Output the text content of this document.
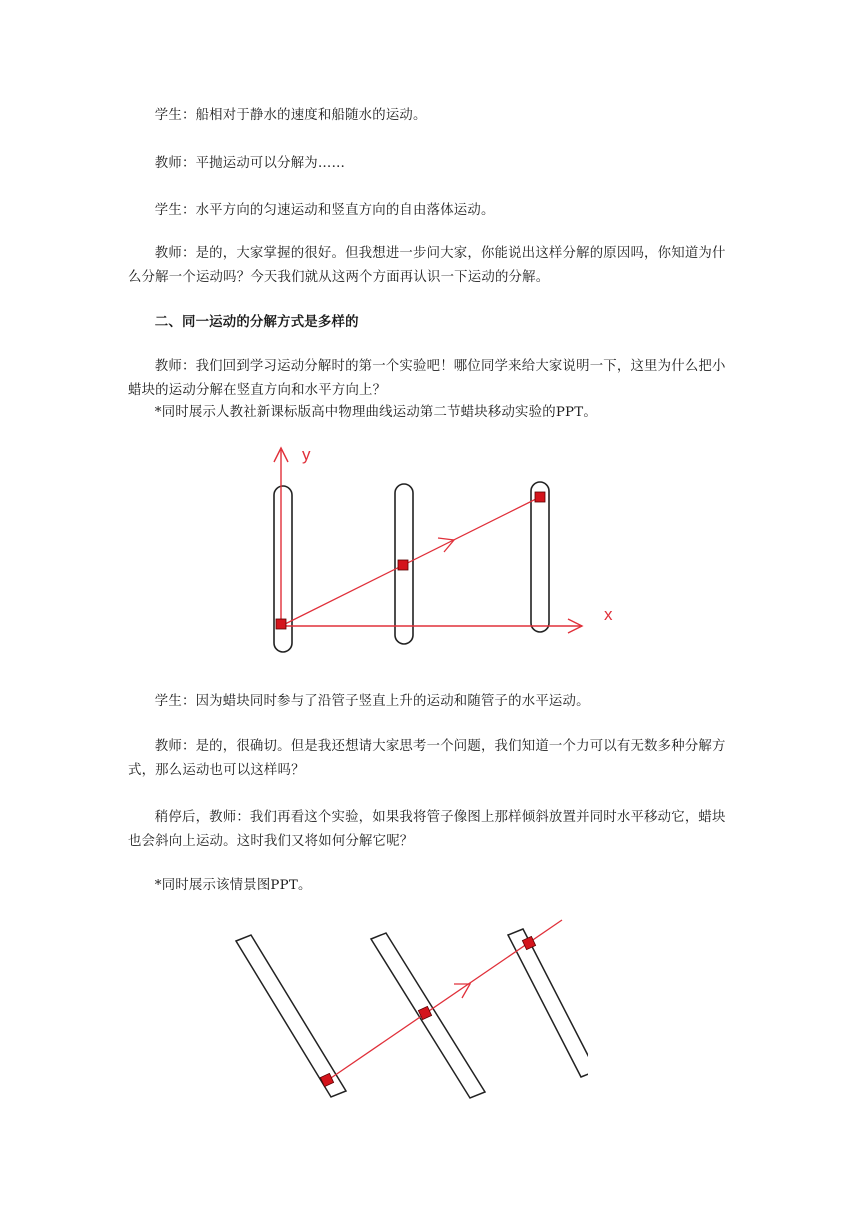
学生：船相对于静水的速度和船随水的运动。

教师：平抛运动可以分解为……

学生：水平方向的匀速运动和竖直方向的自由落体运动。

教师：是的，大家掌握的很好。但我想进一步问大家，你能说出这样分解的原因吗，你知道为什么分解一个运动吗？今天我们就从这两个方面再认识一下运动的分解。

二、同一运动的分解方式是多样的

教师：我们回到学习运动分解时的第一个实验吧！哪位同学来给大家说明一下，这里为什么把小蜡块的运动分解在竖直方向和水平方向上？

*同时展示人教社新课标版高中物理曲线运动第二节蜡块移动实验的PPT。

y
x

学生：因为蜡块同时参与了沿管子竖直上升的运动和随管子的水平运动。

教师：是的，很确切。但是我还想请大家思考一个问题，我们知道一个力可以有无数多种分解方式，那么运动也可以这样吗？

稍停后，教师：我们再看这个实验，如果我将管子像图上那样倾斜放置并同时水平移动它，蜡块也会斜向上运动。这时我们又将如何分解它呢？

*同时展示该情景图PPT。
